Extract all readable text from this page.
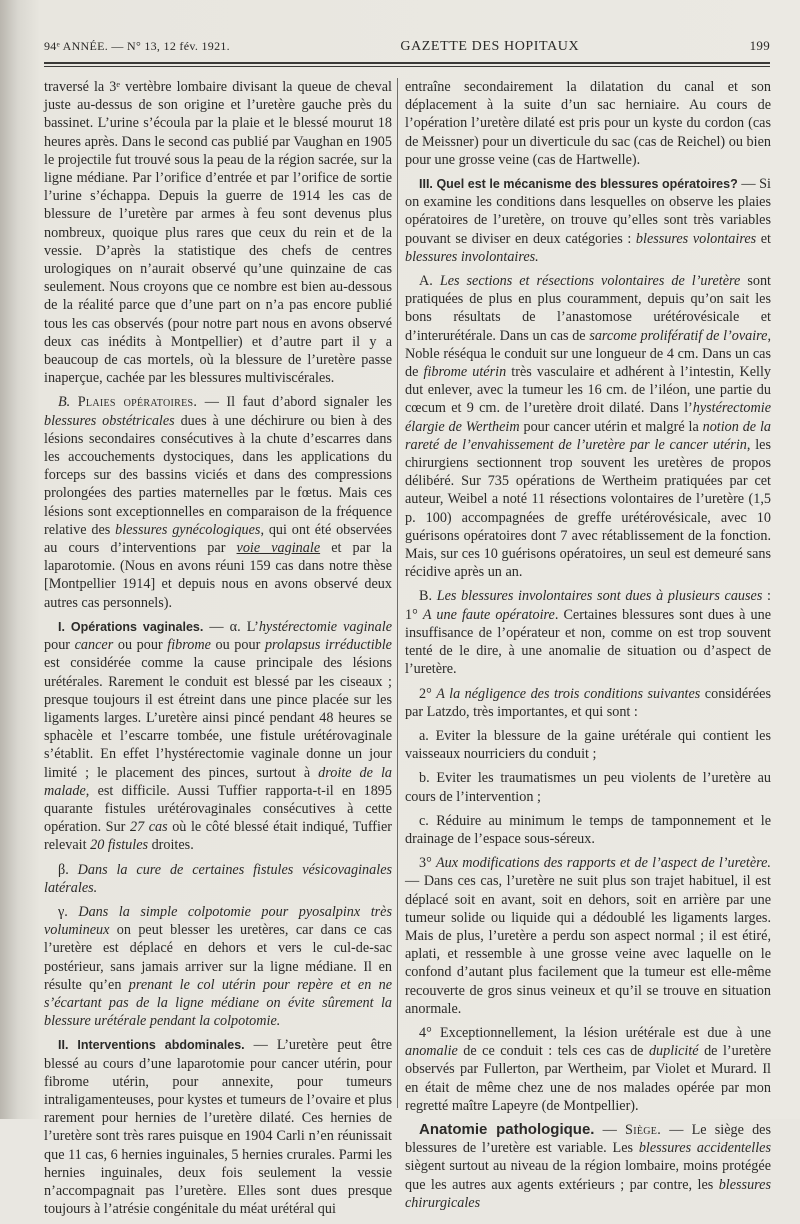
94ᵉ ANNÉE. — N° 13, 12 fév. 1921.	GAZETTE DES HOPITAUX	199

traversé la 3ᵉ vertèbre lombaire divisant la queue de cheval juste au-dessus de son origine et l’uretère gauche près du bassinet. L’urine s’écoula par la plaie et le blessé mourut 18 heures après. Dans le second cas publié par Vaughan en 1905 le projectile fut trouvé sous la peau de la région sacrée, sur la ligne médiane. Par l’orifice d’entrée et par l’orifice de sortie l’urine s’échappa. Depuis la guerre de 1914 les cas de blessure de l’uretère par armes à feu sont devenus plus nombreux, quoique plus rares que ceux du rein et de la vessie. D’après la statistique des chefs de centres urologiques on n’aurait observé qu’une quinzaine de cas seulement. Nous croyons que ce nombre est bien au-dessous de la réalité parce que d’une part on n’a pas encore publié tous les cas observés (pour notre part nous en avons observé deux cas inédits à Montpellier) et d’autre part il y a beaucoup de cas mortels, où la blessure de l’uretère passe inaperçue, cachée par les blessures multiviscérales.

B. Plaies opératoires. — Il faut d’abord signaler les blessures obstétricales dues à une déchirure ou bien à des lésions secondaires consécutives à la chute d’escarres dans les accouchements dystociques, dans les applications du forceps sur des bassins viciés et dans des compressions prolongées des parties maternelles par le fœtus. Mais ces lésions sont exceptionnelles en comparaison de la fréquence relative des blessures gynécologiques, qui ont été observées au cours d’interventions par voie vaginale et par la laparotomie. (Nous en avons réuni 159 cas dans notre thèse [Montpellier 1914] et depuis nous en avons observé deux autres cas personnels).

I. Opérations vaginales. — α. L’hystérectomie vaginale pour cancer ou pour fibrome ou pour prolapsus irréductible est considérée comme la cause principale des lésions urétérales. Rarement le conduit est blessé par les ciseaux ; presque toujours il est étreint dans une pince placée sur les ligaments larges. L’uretère ainsi pincé pendant 48 heures se sphacèle et l’escarre tombée, une fistule urétérovaginale s’établit. En effet l’hystérectomie vaginale donne un jour limité ; le placement des pinces, surtout à droite de la malade, est difficile. Aussi Tuffier rapporta-t-il en 1895 quarante fistules urétérovaginales consécutives à cette opération. Sur 27 cas où le côté blessé était indiqué, Tuffier relevait 20 fistules droites.

β. Dans la cure de certaines fistules vésicovaginales latérales.

γ. Dans la simple colpotomie pour pyosalpinx très volumineux on peut blesser les uretères, car dans ce cas l’uretère est déplacé en dehors et vers le cul-de-sac postérieur, sans jamais arriver sur la ligne médiane. Il en résulte qu’en prenant le col utérin pour repère et en ne s’écartant pas de la ligne médiane on évite sûrement la blessure urétérale pendant la colpotomie.

II. Interventions abdominales. — L’uretère peut être blessé au cours d’une laparotomie pour cancer utérin, pour fibrome utérin, pour annexite, pour tumeurs intraligamenteuses, pour kystes et tumeurs de l’ovaire et plus rarement pour hernies de l’uretère dilaté. Ces hernies de l’uretère sont très rares puisque en 1904 Carli n’en réunissait que 11 cas, 6 hernies inguinales, 5 hernies crurales. Parmi les hernies inguinales, deux fois seulement la vessie n’accompagnait pas l’uretère. Elles sont dues presque toujours à l’atrésie congénitale du méat urétéral qui

entraîne secondairement la dilatation du canal et son déplacement à la suite d’un sac herniaire. Au cours de l’opération l’uretère dilaté est pris pour un kyste du cordon (cas de Meissner) pour un diverticule du sac (cas de Reichel) ou bien pour une grosse veine (cas de Hartwelle).

III. Quel est le mécanisme des blessures opératoires? — Si on examine les conditions dans lesquelles on observe les plaies opératoires de l’uretère, on trouve qu’elles sont très variables pouvant se diviser en deux catégories : blessures volontaires et blessures involontaires.

A. Les sections et résections volontaires de l’uretère sont pratiquées de plus en plus couramment, depuis qu’on sait les bons résultats de l’anastomose urétérovésicale et d’interurétérale. Dans un cas de sarcome prolifératif de l’ovaire, Noble réséqua le conduit sur une longueur de 4 cm. Dans un cas de fibrome utérin très vasculaire et adhérent à l’intestin, Kelly dut enlever, avec la tumeur les 16 cm. de l’iléon, une partie du cœcum et 9 cm. de l’uretère droit dilaté. Dans l’hystérectomie élargie de Wertheim pour cancer utérin et malgré la notion de la rareté de l’envahissement de l’uretère par le cancer utérin, les chirurgiens sectionnent trop souvent les uretères de propos délibéré. Sur 735 opérations de Wertheim pratiquées par cet auteur, Weibel a noté 11 résections volontaires de l’uretère (1,5 p. 100) accompagnées de greffe urétérovésicale, avec 10 guérisons opératoires dont 7 avec rétablissement de la fonction. Mais, sur ces 10 guérisons opératoires, un seul est demeuré sans récidive après un an.

B. Les blessures involontaires sont dues à plusieurs causes : 1° A une faute opératoire. Certaines blessures sont dues à une insuffisance de l’opérateur et non, comme on est trop souvent tenté de le dire, à une anomalie de situation ou d’aspect de l’uretère.

2° A la négligence des trois conditions suivantes considérées par Latzdo, très importantes, et qui sont :

a. Eviter la blessure de la gaine urétérale qui contient les vaisseaux nourriciers du conduit ;

b. Eviter les traumatismes un peu violents de l’uretère au cours de l’intervention ;

c. Réduire au minimum le temps de tamponnement et le drainage de l’espace sous-séreux.

3° Aux modifications des rapports et de l’aspect de l’uretère. — Dans ces cas, l’uretère ne suit plus son trajet habituel, il est déplacé soit en avant, soit en dehors, soit en arrière par une tumeur solide ou liquide qui a dédoublé les ligaments larges. Mais de plus, l’uretère a perdu son aspect normal ; il est étiré, aplati, et ressemble à une grosse veine avec laquelle on le confond d’autant plus facilement que la tumeur est elle-même recouverte de gros sinus veineux et qu’il se trouve en situation anormale.

4° Exceptionnellement, la lésion urétérale est due à une anomalie de ce conduit : tels ces cas de duplicité de l’uretère observés par Fullerton, par Wertheim, par Violet et Murard. Il en était de même chez une de nos malades opérée par mon regretté maître Lapeyre (de Montpellier).

Anatomie pathologique. — Siège. — Le siège des blessures de l’uretère est variable. Les blessures accidentelles siègent surtout au niveau de la région lombaire, moins protégée que les autres aux agents extérieurs ; par contre, les blessures chirurgicales
